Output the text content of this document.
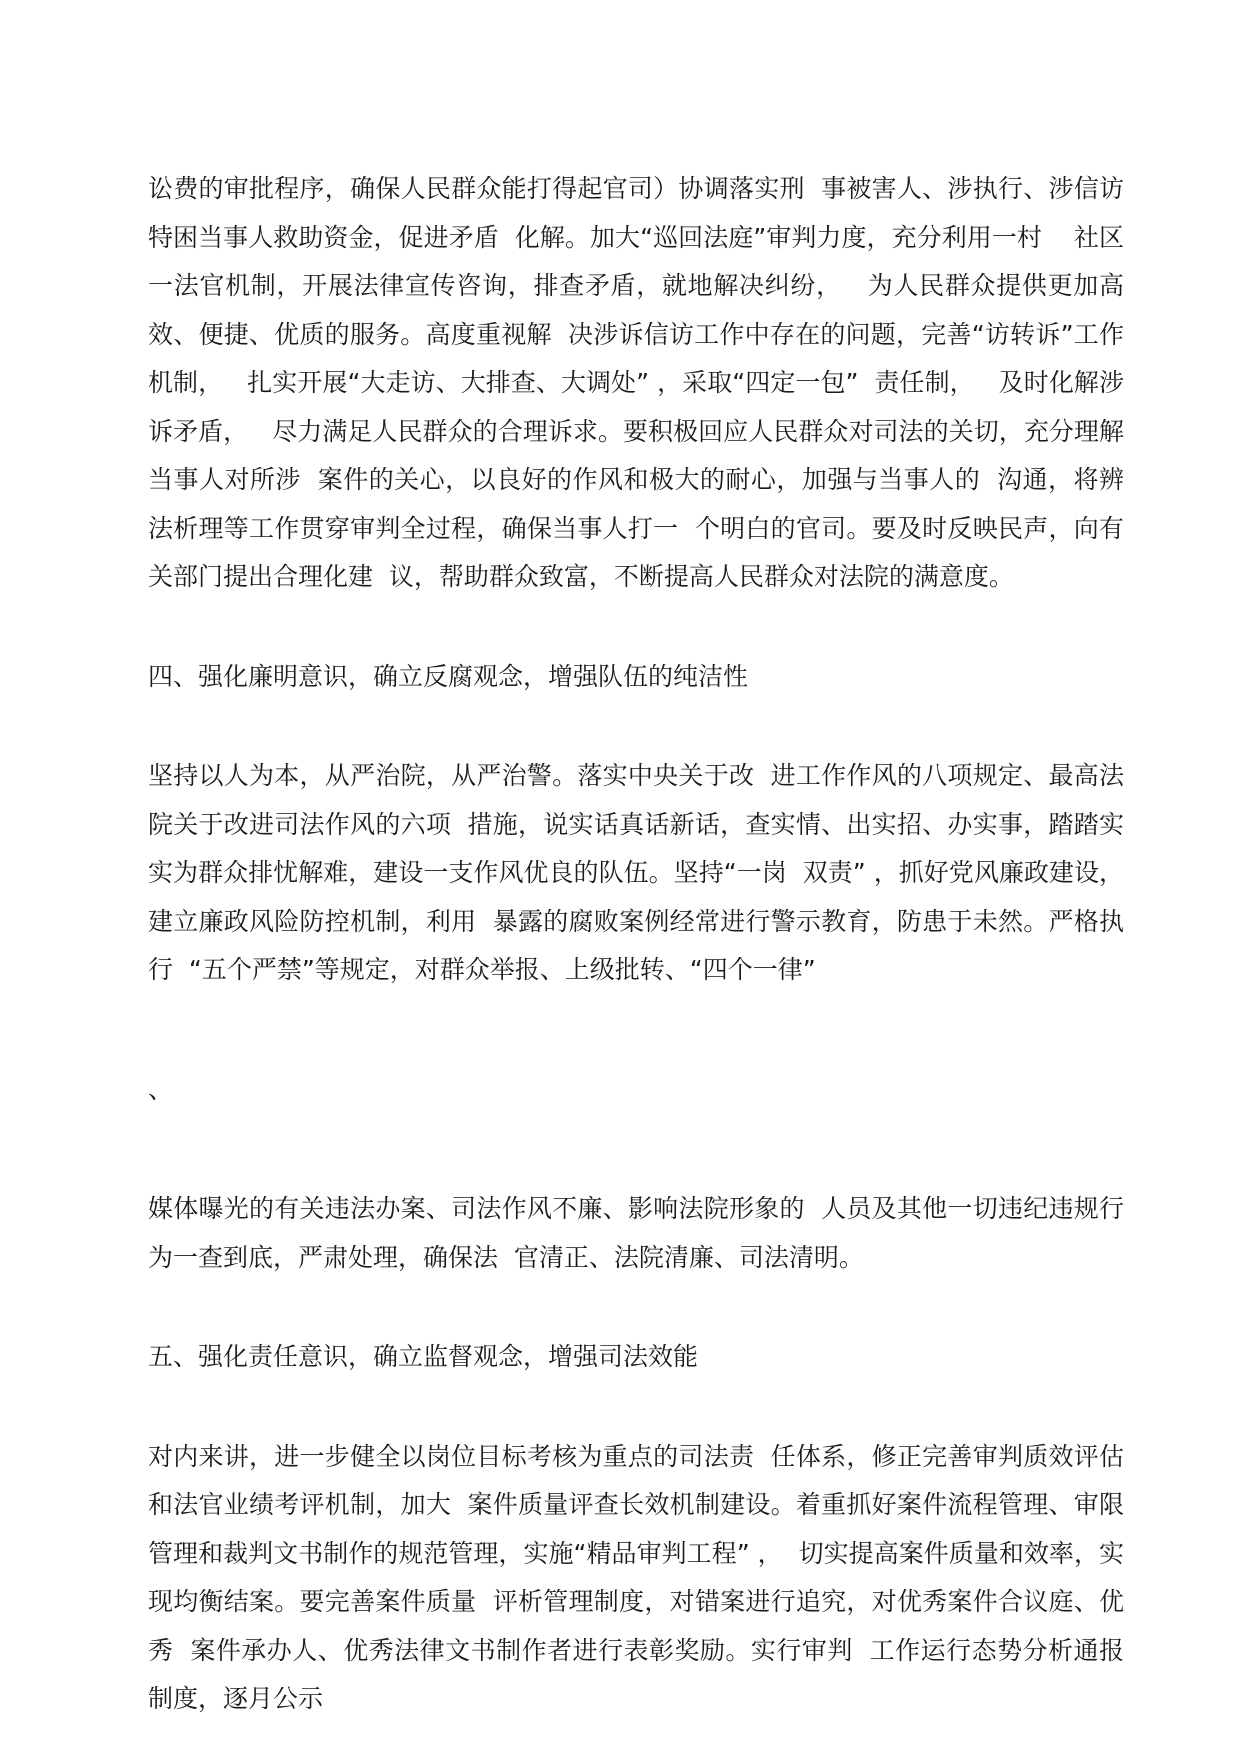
讼费的审批程序，确保人民群众能打得起官司）协调落实刑  事被害人、涉执行、涉信访特困当事人救助资金，促进矛盾  化解。加大“巡回法庭”审判力度，充分利用一村    社区    一法官机制，开展法律宣传咨询，排查矛盾，就地解决纠纷，   为人民群众提供更加高效、便捷、优质的服务。高度重视解  决涉诉信访工作中存在的问题，完善“访转诉”工作机制，   扎实开展“大走访、大排查、大调处” ，采取“四定一包”  责任制，   及时化解涉诉矛盾，   尽力满足人民群众的合理诉求。要积极回应人民群众对司法的关切，充分理解当事人对所涉  案件的关心，以良好的作风和极大的耐心，加强与当事人的  沟通，将辨法析理等工作贯穿审判全过程，确保当事人打一  个明白的官司。要及时反映民声，向有关部门提出合理化建  议，帮助群众致富，不断提高人民群众对法院的满意度。

四、强化廉明意识，确立反腐观念，增强队伍的纯洁性

坚持以人为本，从严治院，从严治警。落实中央关于改  进工作作风的八项规定、最高法院关于改进司法作风的六项  措施，说实话真话新话，查实情、出实招、办实事，踏踏实  实为群众排忧解难，建设一支作风优良的队伍。坚持“一岗  双责” ，抓好党风廉政建设，建立廉政风险防控机制，利用  暴露的腐败案例经常进行警示教育，防患于未然。严格执行  “五个严禁”等规定，对群众举报、上级批转、“四个一律”

、

媒体曝光的有关违法办案、司法作风不廉、影响法院形象的  人员及其他一切违纪违规行为一查到底，严肃处理，确保法  官清正、法院清廉、司法清明。

五、强化责任意识，确立监督观念，增强司法效能

对内来讲，进一步健全以岗位目标考核为重点的司法责  任体系，修正完善审判质效评估和法官业绩考评机制，加大  案件质量评查长效机制建设。着重抓好案件流程管理、审限  管理和裁判文书制作的规范管理，实施“精品审判工程” ，  切实提高案件质量和效率，实现均衡结案。要完善案件质量  评析管理制度，对错案进行追究，对优秀案件合议庭、优秀  案件承办人、优秀法律文书制作者进行表彰奖励。实行审判  工作运行态势分析通报制度，逐月公示
